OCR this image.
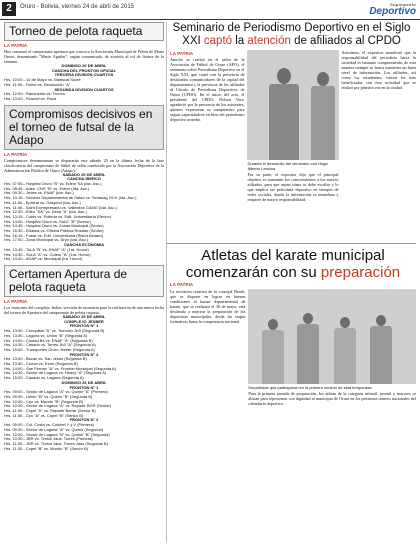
2	Oruro - Bolivia, viernes 24 de abril de 2015	Suplemento
Deportivo
Torneo de pelota raqueta
LA PATRIA
Hoy comenzó el campeonato apertura que convoca la Asociación Municipal de Pelota de Mano Oruro, denominado "Mario Aguilar", según comunicado, de acuerdo al rol de fixture de la semana:
DOMINGO 26 DE ABRIL
CANCHA DEL FRONTÓN OFICIAL
TERCERA DIVISIÓN CUARTOS
Hrs. 10:00.- 10 de Mayo vs. Mariscal Sucre
Hrs. 11:00.- Torino vs. Revolución "A"
SEGUNDA DIVISIÓN CUARTOS
Hrs. 12:00.- Rancherito vs. Tronco
Hrs. 13:00.- Rosmel vs. Roca
Compromisos decisivos en el torneo de futsal de la Adapo
LA PATRIA
Compromisos determinantes se disputarán este sábado 25 en la última fecha de la fase clasificatoria del campeonato de fútbol de salón conducido por la Asociación Deportiva de la Administración Pública de Oruro (Adapo).
SÁBADO 25 DE ABRIL
CANCHA IBERCO
Hrs. 07:00.- Hospital Oruro "B" vs. Edeor SA (Ida. Asc.)
Hrs. 08:45.- Ades. CNS "B" vs. Edeor (Ida. Asc.)
Hrs. 09:30.- Jedes vs. ENAF (Ida. Asc.)
Hrs. 10:15.- Servicio Departamental de Salud vs. Senasag OCV (Ida. Asc.)
Hrs. 11:00.- Epixirat vs. Gasprod (Ida. Asc.)
Hrs. 11:45.- Saint Exempresario vs. Vallecitos CAMO (Ida. Asc.)
Hrs. 12:30.- Elfeo "SA" vs. Desa "A" (Ida. Asc.)
Hrs. 13:15.- Cobis vs. Pollería vs. Edit. Universitaria (Senior)
Hrs. 14:00.- Hospital Oruro vs. SoLE "B" (Senior)
Hrs. 14:45.- Hospital Oruro vs. Zonas Municipal (Senior)
Hrs. 15:30.- Elidana vs. Oficina Pública Rosado (Senior)
Hrs. 16:15.- Fobar vs. Edit. Universitaria (Ristor Aimara)
Hrs. 17:00.- Zona Municipal vs. Dryn (Ida. Asc.)
CANCHA ECONOMÍA
Hrs. 13:45.- ToLA "B" vs. ENAF "A" (1ra. Honor)
Hrs. 14:30.- SoLA "A" vs. Cotesr "A" (1ra. Honor)
Hrs. 14:40.- ADAP vs. Municipal (Ira. Honor)
Certamen Apertura de pelota raqueta
LA PATRIA
Los frontones del complejo Jesber, servirán de escenario para la realización de una nueva fecha del torneo de Apertura del campeonato de pelota raqueta.
SÁBADO 25 DE ABRIL
COMPLEJO JESBER
FRONTÓN N° 1
Hrs. 13:00.- Conquista "A" vs. Tomorex Jb3 (Segunda B)
Hrs. 13:30.- Laguna vs. Unión "B" (Segunda A)
Hrs. 14:00.- Ciudad Bs vs. ENAF "A" (Segunda B)
Hrs. 14:30.- Casado vs. Torres Jb3 "A" (Segunda A)
Hrs. 15:00.- Transportes Oruro Jesber (Segunda A)
FRONTÓN N° 2
Hrs. 13:00.- Bocas vs. San Jesús (Segunda B)
Hrs. 13:30.- Cueva vs. Ezrm (Segunda B)
Hrs. 14:00.- San Fernan "A" vs. Fronton Municipal (Segunda A)
Hrs. 14:30.- Sector de Laguna vs. Heavy "A" (Segunda A)
Hrs. 15:00.- Casado vs. Laguna (Segunda A)
DOMINGO 26 DE ABRIL
FRONTÓN N° 1
Hrs. 09:00.- Sector de Laguna "A" vs. Quimir "A" (Primera)
Hrs. 09:30.- Unión "B" vs. Quimir "B" (Segunda B)
Hrs. 10:00.- Cpo vs. Mundo "B" (Segunda B)
Hrs. 10:30.- Sector de Laguna "A" vs. Repartir BGR (Senior)
Hrs. 11:00.- Copel "A" vs. Repartir Borrar (Senior B)
Hrs. 11:30.- Cpo "A" vs. Copel "B" (Senior B)
FRONTÓN N° 2
Hrs. 09:00.- Col. Costa vs. Colchet Y y V (Primera)
Hrs. 09:30.- Sector de Laguna "A" vs. Quimir (Segunda)
Hrs. 10:00.- Sector de Laguna "B" vs. Quimir "B" (Segunda)
Hrs. 10:30.- JBR vs. Trebol Jaus. Torres (Primera)
Hrs. 11:00.- JDR vs. Trebol Jaus. Torres Jaus (Segunda B)
Hrs. 11:30.- Copel "B" vs. Mundo "B" (Senior B)
Seminario de Periodismo Deportivo en el Siglo XXI captó la atención de afiliados al CPDO
LA PATRIA
Anoche se realizó en el salón de la Asociación de Fútbol de Oruro (AFO), el seminario sobre Periodismo Deportivo en el Siglo XXI, que contó con la presencia de destacados comunicadores de la capital del departamento y la provincia de los afiliados al Círculo de Periodistas Deportivos de Oruro (CPDO). En el inicio del acto, el presidente del CPDO, Nelson Vera, agradeció por la presencia de los asistentes, quienes expresaron su compromiso para seguir capacitándose en bien del periodismo deportivo orureño.
Durante el desarrollo del seminario con Hugo Alberto Lencina
Por su parte, el expositor dijo que el principal objetivo es transmitir los conocimientos a los nuevos afiliados, para que sepan cómo se debe escribir y lo que implica ser periodista deportivo en tiempos de redes sociales, donde la información es inmediata y requiere de mayor responsabilidad.
Asimismo, el expositor manifestó que la responsabilidad del periodista hacia la sociedad es bastante comprometida, de esta manera siempre se busca mantener un buen nivel de información. Los afiliados, así como los estudiantes, fueron los más beneficiados con esta actividad que se realizó por primera vez en la ciudad.
Atletas del karate municipal
comenzarán con su preparación
LA PATRIA
La iniciativa creativa de la concejal Beralt, que se dispone en lograr en buenas condiciones al karate departamental de karate, que se realizará el 30 de mayo, está destinado a mejorar la preparación de los deportistas municipales, desde las etapas formativas hasta la competencia nacional.
Deportistas que participaron en la primera versión de esta temporada.
Para la primera jornada de preparación, los atletas de la categoría infantil, juvenil y mayores se alistan para representar con dignidad al municipio de Oruro en los próximos torneos nacionales del calendario deportivo.
